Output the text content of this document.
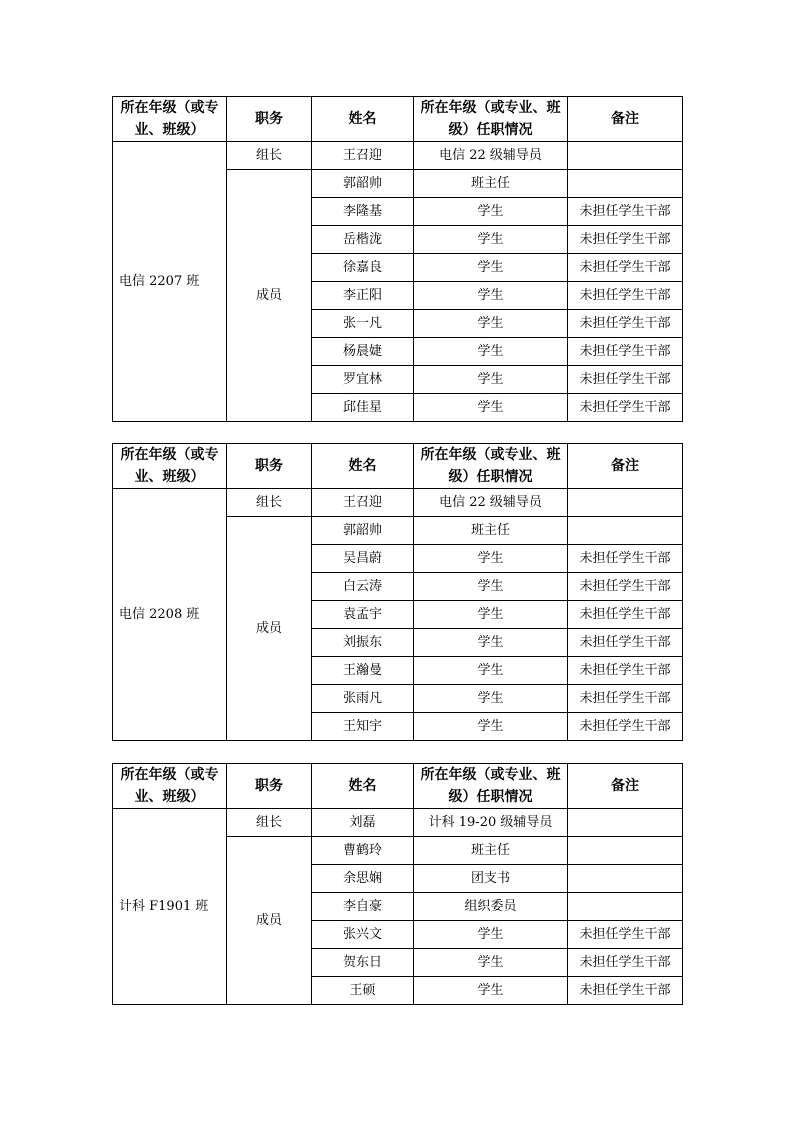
所在年级（或专业、班级）	职务	姓名	所在年级（或专业、班级）任职情况	备注
电信 2207 班	组长	王召迎	电信 22 级辅导员	
	成员	郭韶帅	班主任	
		李隆基	学生	未担任学生干部
		岳楷泷	学生	未担任学生干部
		徐嘉良	学生	未担任学生干部
		李正阳	学生	未担任学生干部
		张一凡	学生	未担任学生干部
		杨晨婕	学生	未担任学生干部
		罗宜林	学生	未担任学生干部
		邱佳星	学生	未担任学生干部
所在年级（或专业、班级）	职务	姓名	所在年级（或专业、班级）任职情况	备注
电信 2208 班	组长	王召迎	电信 22 级辅导员	
	成员	郭韶帅	班主任	
		吴昌蔚	学生	未担任学生干部
		白云涛	学生	未担任学生干部
		袁孟宇	学生	未担任学生干部
		刘振东	学生	未担任学生干部
		王瀚曼	学生	未担任学生干部
		张雨凡	学生	未担任学生干部
		王知宇	学生	未担任学生干部
所在年级（或专业、班级）	职务	姓名	所在年级（或专业、班级）任职情况	备注
计科 F1901 班	组长	刘磊	计科 19-20 级辅导员	
	成员	曹鹤玲	班主任	
		余思娴	团支书	
		李自豪	组织委员	
		张兴文	学生	未担任学生干部
		贺东日	学生	未担任学生干部
		王硕	学生	未担任学生干部
